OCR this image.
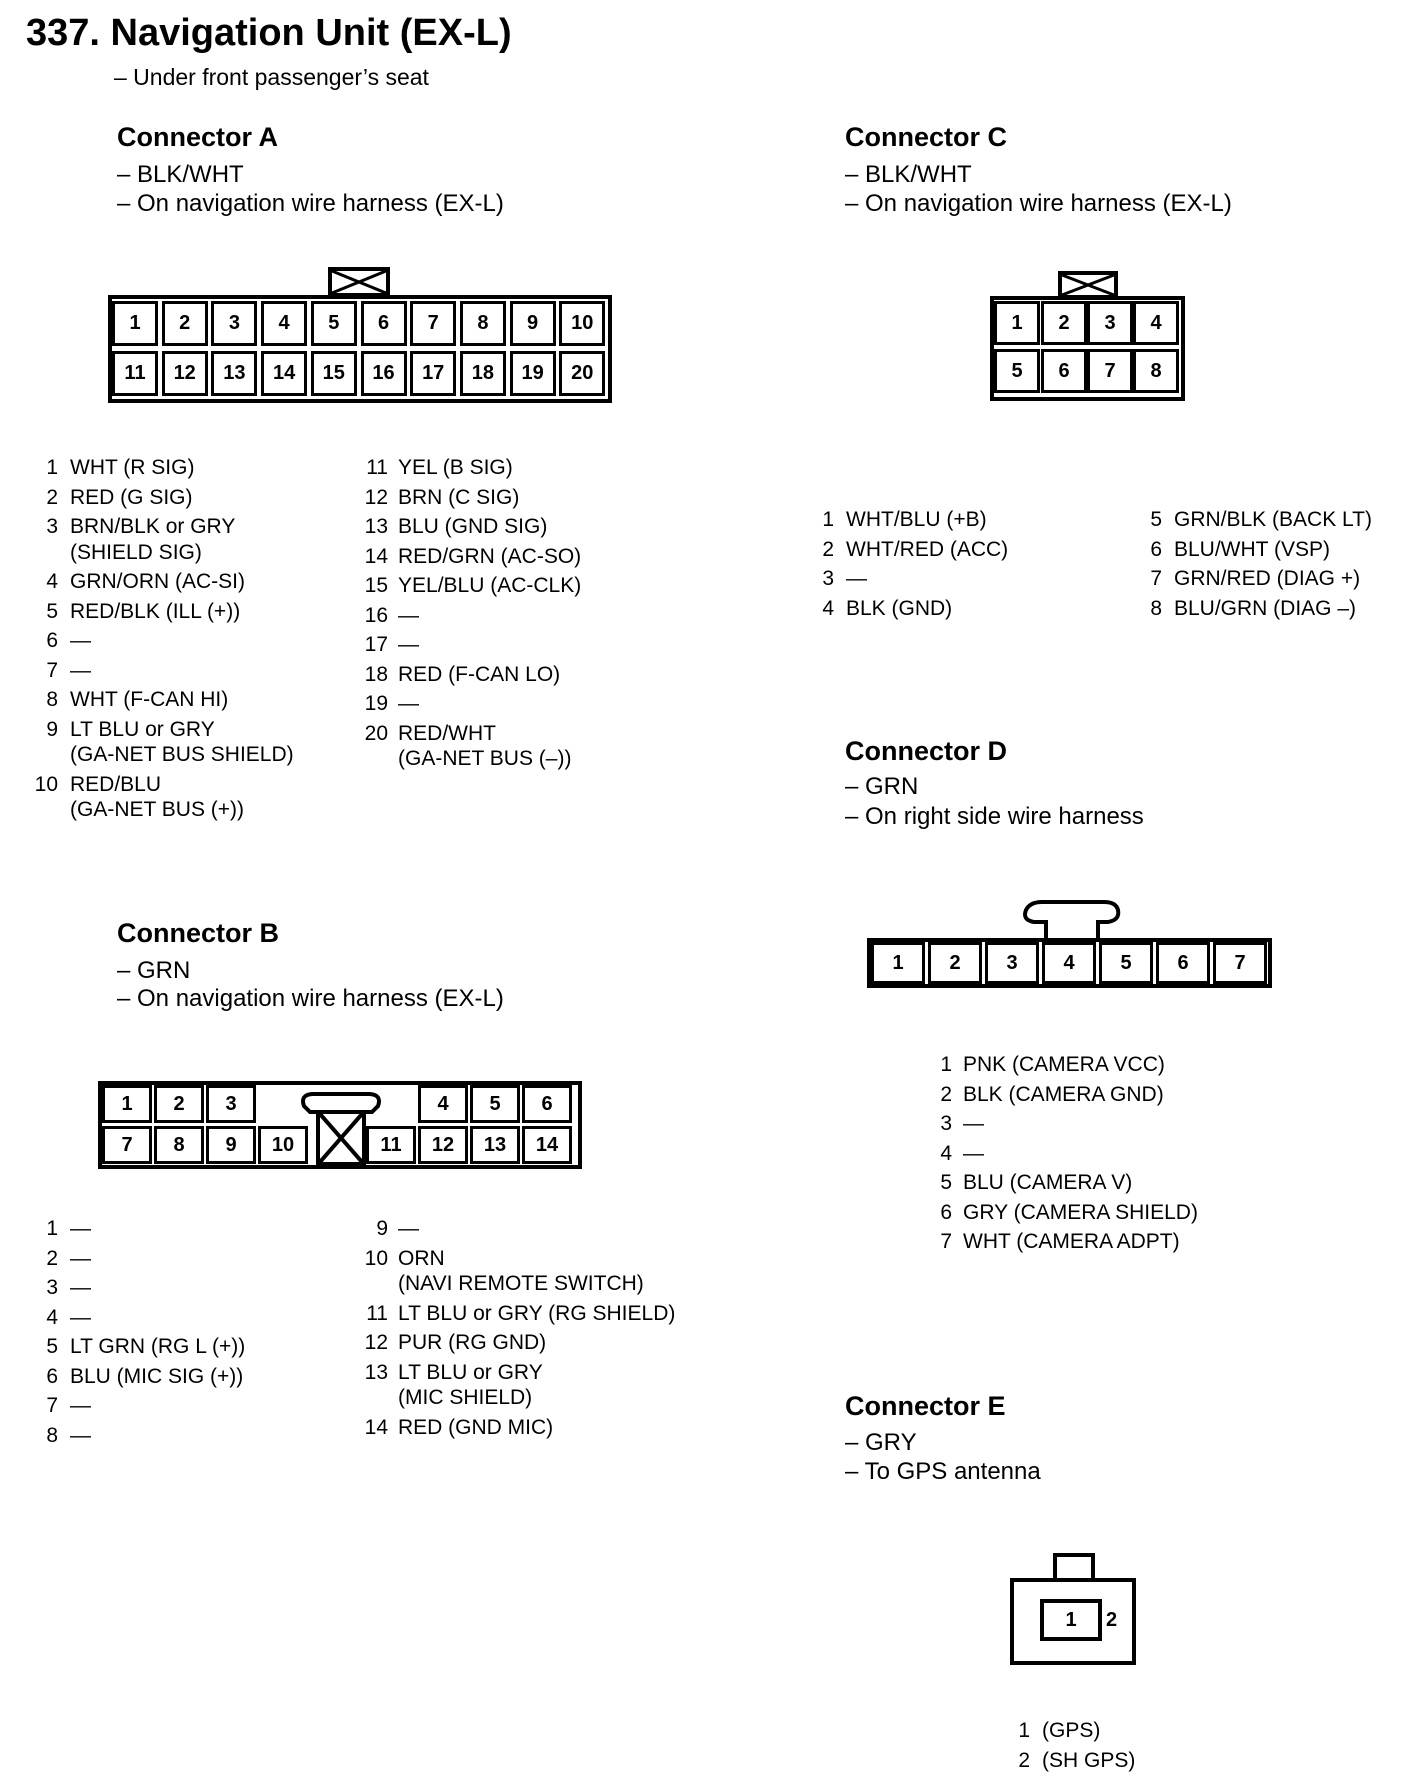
337. Navigation Unit (EX-L)
– Under front passenger’s seat
Connector A
– BLK/WHT
– On navigation wire harness (EX-L)
1	2	3	4	5	6	7	8	9	10
11	12	13	14	15	16	17	18	19	20
1 WHT (R SIG)
2 RED (G SIG)
3 BRN/BLK or GRY
(SHIELD SIG)
4 GRN/ORN (AC-SI)
5 RED/BLK (ILL (+))
6 —
7 —
8 WHT (F-CAN HI)
9 LT BLU or GRY
(GA-NET BUS SHIELD)
10 RED/BLU
(GA-NET BUS (+))
11 YEL (B SIG)
12 BRN (C SIG)
13 BLU (GND SIG)
14 RED/GRN (AC-SO)
15 YEL/BLU (AC-CLK)
16 —
17 —
18 RED (F-CAN LO)
19 —
20 RED/WHT
(GA-NET BUS (–))
Connector B
– GRN
– On navigation wire harness (EX-L)
1	2	3	4	5	6
7	8	9	10	11	12	13	14
1 —
2 —
3 —
4 —
5 LT GRN (RG L (+))
6 BLU (MIC SIG (+))
7 —
8 —
9 —
10 ORN
(NAVI REMOTE SWITCH)
11 LT BLU or GRY (RG SHIELD)
12 PUR (RG GND)
13 LT BLU or GRY
(MIC SHIELD)
14 RED (GND MIC)
Connector C
– BLK/WHT
– On navigation wire harness (EX-L)
1	2	3	4
5	6	7	8
1 WHT/BLU (+B)
2 WHT/RED (ACC)
3 —
4 BLK (GND)
5 GRN/BLK (BACK LT)
6 BLU/WHT (VSP)
7 GRN/RED (DIAG +)
8 BLU/GRN (DIAG –)
Connector D
– GRN
– On right side wire harness
1	2	3	4	5	6	7
1 PNK (CAMERA VCC)
2 BLK (CAMERA GND)
3 —
4 —
5 BLU (CAMERA V)
6 GRY (CAMERA SHIELD)
7 WHT (CAMERA ADPT)
Connector E
– GRY
– To GPS antenna
1	2
1 (GPS)
2 (SH GPS)
